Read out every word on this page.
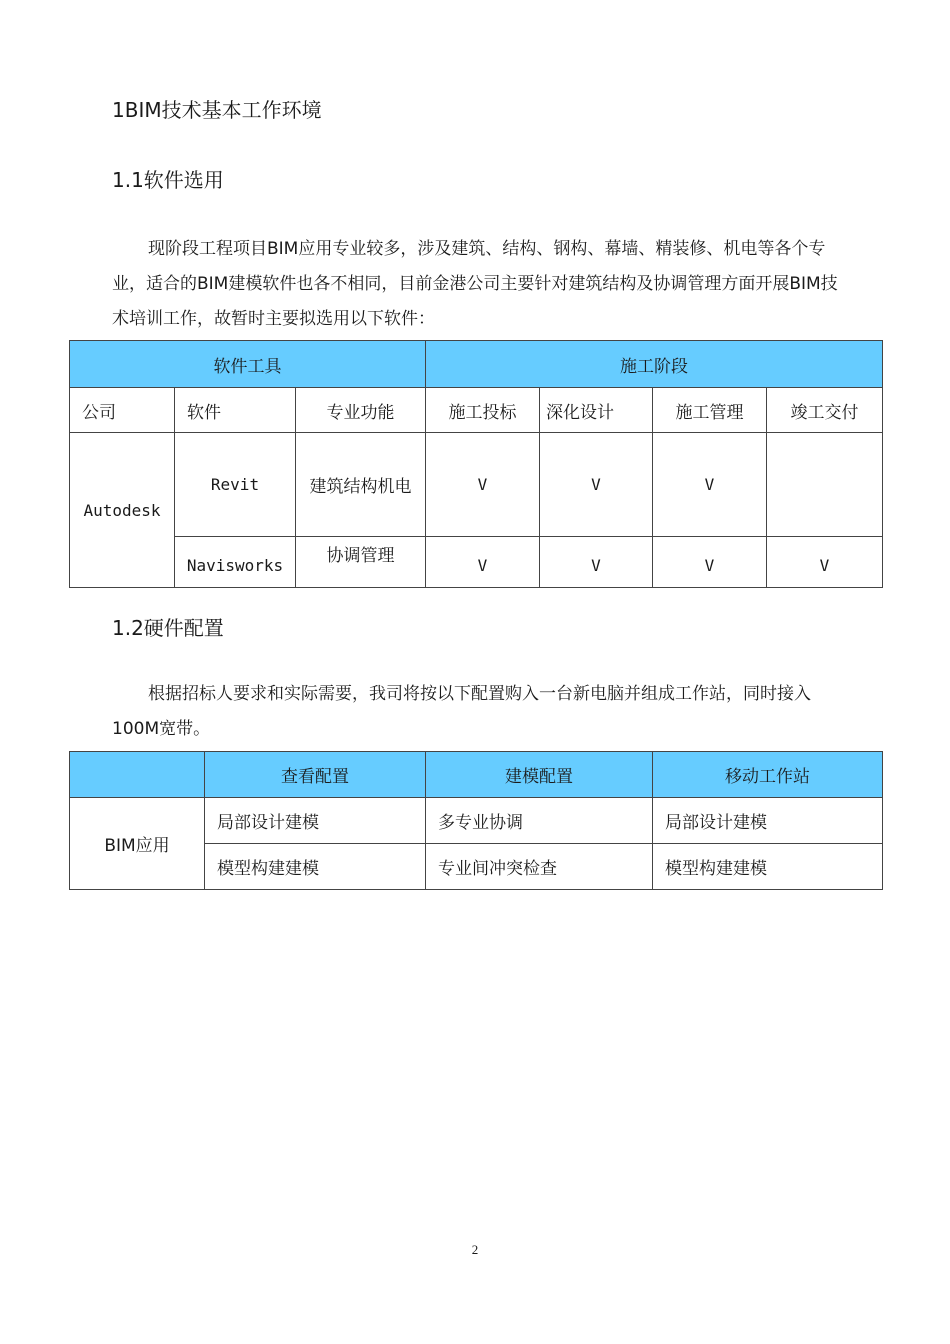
1BIM技术基本工作环境
1.1软件选用
现阶段工程项目BIM应用专业较多，涉及建筑、结构、钢构、幕墙、精装修、机电等各个专业，适合的BIM建模软件也各不相同，目前金港公司主要针对建筑结构及协调管理方面开展BIM技术培训工作，故暂时主要拟选用以下软件：
软件工具			施工阶段			
公司	软件	专业功能	施工投标	深化设计	施工管理	竣工交付
Autodesk	Revit	建筑结构机电	V	V	V	
	Navisworks	协调管理	V	V	V	V
1.2硬件配置
根据招标人要求和实际需要，我司将按以下配置购入一台新电脑并组成工作站，同时接入100M宽带。
	查看配置	建模配置	移动工作站
BIM应用	局部设计建模	多专业协调	局部设计建模
	模型构建建模	专业间冲突检查	模型构建建模
2
